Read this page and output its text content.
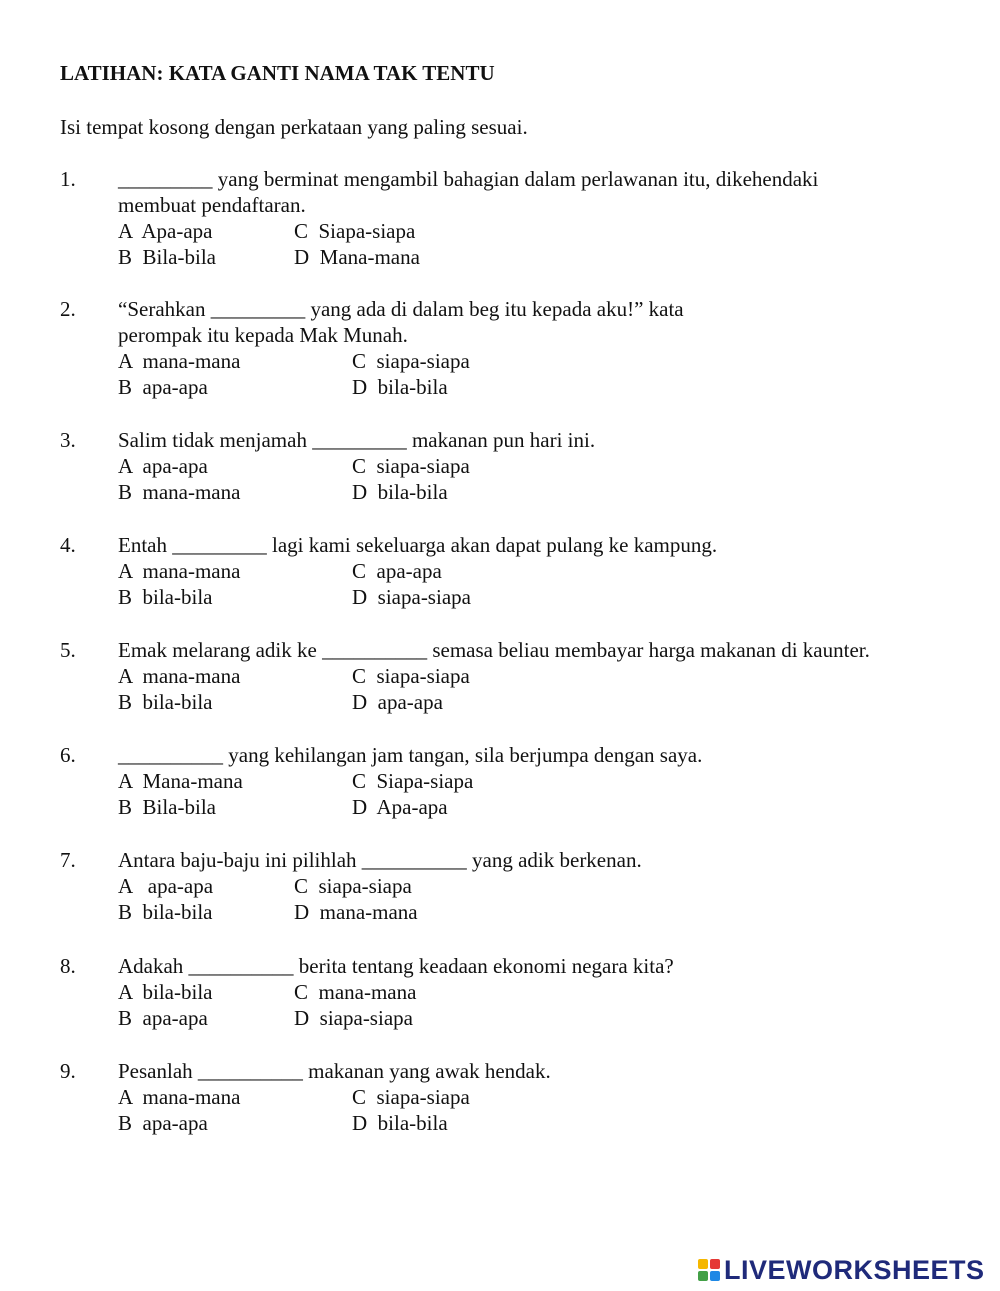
LATIHAN: KATA GANTI NAMA TAK TENTU
Isi tempat kosong dengan perkataan yang paling sesuai.
1. _________ yang berminat mengambil bahagian dalam perlawanan itu, dikehendaki
membuat pendaftaran.
A  Apa-apa
B  Bila-bila
C  Siapa-siapa
D  Mana-mana
2. “Serahkan _________ yang ada di dalam beg itu kepada aku!” kata
perompak itu kepada Mak Munah.
A  mana-mana
B  apa-apa
C  siapa-siapa
D  bila-bila
3. Salim tidak menjamah _________ makanan pun hari ini.
A  apa-apa
B  mana-mana
C  siapa-siapa
D  bila-bila
4. Entah _________ lagi kami sekeluarga akan dapat pulang ke kampung.
A  mana-mana
B  bila-bila
C  apa-apa
D  siapa-siapa
5. Emak melarang adik ke __________ semasa beliau membayar harga makanan di kaunter.
A  mana-mana
B  bila-bila
C  siapa-siapa
D  apa-apa
6. __________ yang kehilangan jam tangan, sila berjumpa dengan saya.
A  Mana-mana
B  Bila-bila
C  Siapa-siapa
D  Apa-apa
7. Antara baju-baju ini pilihlah __________ yang adik berkenan.
A   apa-apa
B  bila-bila
C  siapa-siapa
D  mana-mana
8. Adakah __________ berita tentang keadaan ekonomi negara kita?
A  bila-bila
B  apa-apa
C  mana-mana
D  siapa-siapa
9. Pesanlah __________ makanan yang awak hendak.
A  mana-mana
B  apa-apa
C  siapa-siapa
D  bila-bila
LIVEWORKSHEETS
